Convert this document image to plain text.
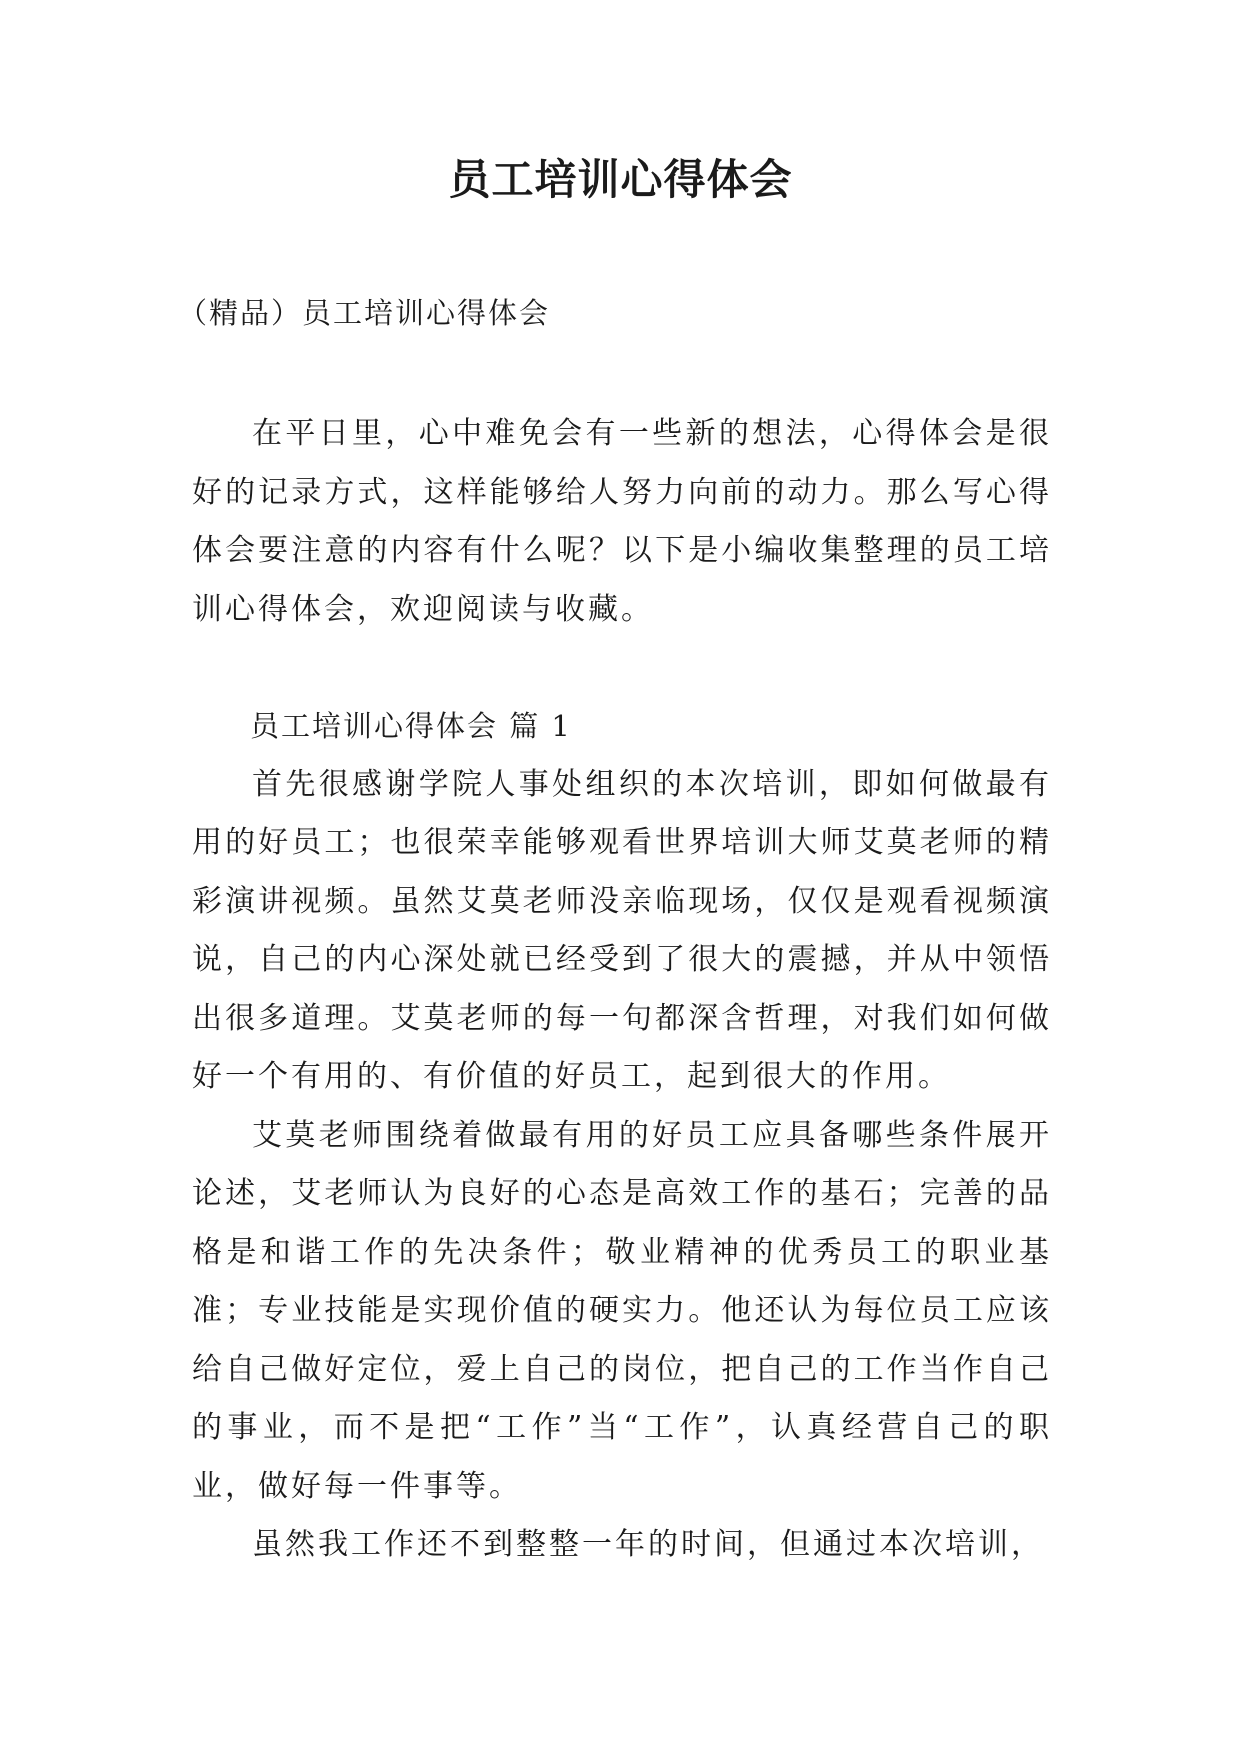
员工培训心得体会
（精品）员工培训心得体会

在平日里，心中难免会有一些新的想法，心得体会是很好的记录方式，这样能够给人努力向前的动力。那么写心得体会要注意的内容有什么呢？以下是小编收集整理的员工培训心得体会，欢迎阅读与收藏。

员工培训心得体会 篇 1

首先很感谢学院人事处组织的本次培训，即如何做最有用的好员工；也很荣幸能够观看世界培训大师艾莫老师的精彩演讲视频。虽然艾莫老师没亲临现场，仅仅是观看视频演说，自己的内心深处就已经受到了很大的震撼，并从中领悟出很多道理。艾莫老师的每一句都深含哲理，对我们如何做好一个有用的、有价值的好员工，起到很大的作用。

艾莫老师围绕着做最有用的好员工应具备哪些条件展开论述，艾老师认为良好的心态是高效工作的基石；完善的品格是和谐工作的先决条件；敬业精神的优秀员工的职业基准；专业技能是实现价值的硬实力。他还认为每位员工应该给自己做好定位，爱上自己的岗位，把自己的工作当作自己的事业，而不是把“工作”当“工作”，认真经营自己的职业，做好每一件事等。

虽然我工作还不到整整一年的时间，但通过本次培训，
